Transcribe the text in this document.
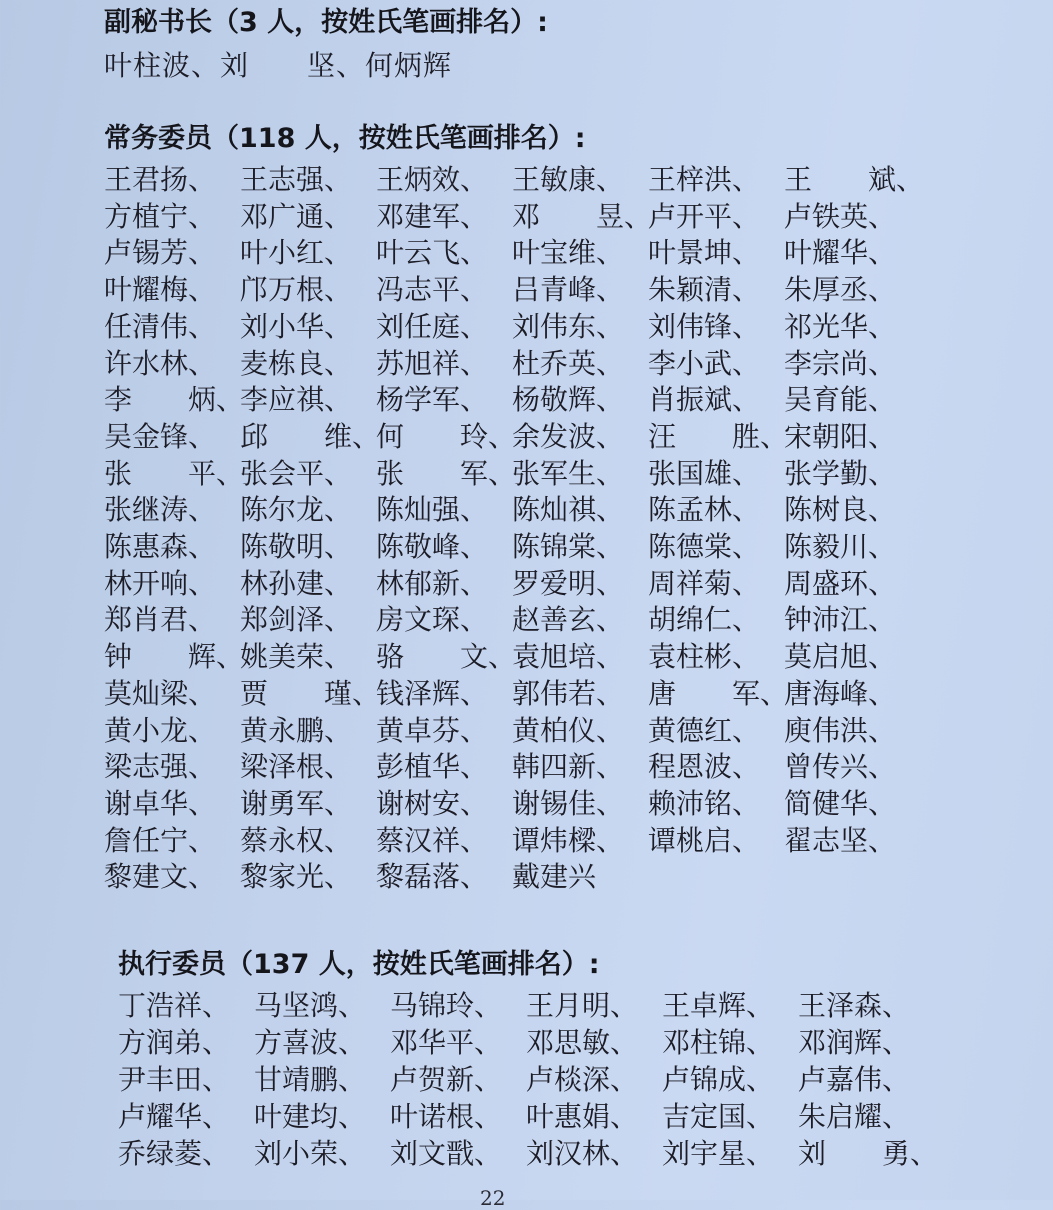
副秘书长（3 人，按姓氏笔画排名）:
叶柱波、刘　　坚、何炳辉
常务委员（118 人，按姓氏笔画排名）:
王君扬、 王志强、 王炳效、 王敏康、 王梓洪、 王　　斌、
方植宁、 邓广通、 邓建军、 邓　　昱、
卢开平、 卢铁英、
卢锡芳、 叶小红、 叶云飞、 叶宝维、 叶景坤、 叶耀华、
叶耀梅、 邝万根、 冯志平、 吕青峰、 朱颖清、 朱厚丞、
任清伟、 刘小华、 刘任庭、 刘伟东、 刘伟锋、 祁光华、
许水林、 麦栋良、 苏旭祥、 杜乔英、 李小武、 李宗尚、
李　　炳、
李应祺、 杨学军、 杨敬辉、 肖振斌、 吴育能、
吴金锋、 邱　　维、
何　　玲、
余发波、 汪　　胜、
宋朝阳、
张　　平、
张会平、 张　　军、
张军生、 张国雄、 张学勤、
张继涛、 陈尔龙、 陈灿强、 陈灿祺、 陈孟林、 陈树良、
陈惠森、 陈敬明、 陈敬峰、 陈锦棠、 陈德棠、 陈毅川、
林开响、 林孙建、 林郁新、 罗爱明、 周祥菊、 周盛环、
郑肖君、 郑剑泽、 房文琛、 赵善玄、 胡绵仁、 钟沛江、
钟　　辉、
姚美荣、 骆　　文、
袁旭培、 袁柱彬、 莫启旭、
莫灿梁、 贾　　瑾、
钱泽辉、 郭伟若、 唐　　军、
唐海峰、
黄小龙、 黄永鹏、 黄卓芬、 黄柏仪、 黄德红、 庾伟洪、
梁志强、 梁泽根、 彭植华、 韩四新、 程恩波、 曾传兴、
谢卓华、 谢勇军、 谢树安、 谢锡佳、 赖沛铭、 简健华、
詹任宁、 蔡永权、 蔡汉祥、 谭炜樑、 谭桃启、 翟志坚、
黎建文、 黎家光、 黎磊落、 戴建兴
执行委员（137 人，按姓氏笔画排名）:
丁浩祥、 马坚鸿、 马锦玲、 王月明、 王卓辉、 王泽森、
方润弟、 方喜波、 邓华平、 邓思敏、 邓柱锦、 邓润辉、
尹丰田、 甘靖鹏、 卢贺新、 卢棪深、 卢锦成、 卢嘉伟、
卢耀华、 叶建均、 叶诺根、 叶惠娟、 吉定国、 朱启耀、
乔绿菱、 刘小荣、 刘文戬、 刘汉林、 刘宇星、 刘　　勇、
22
